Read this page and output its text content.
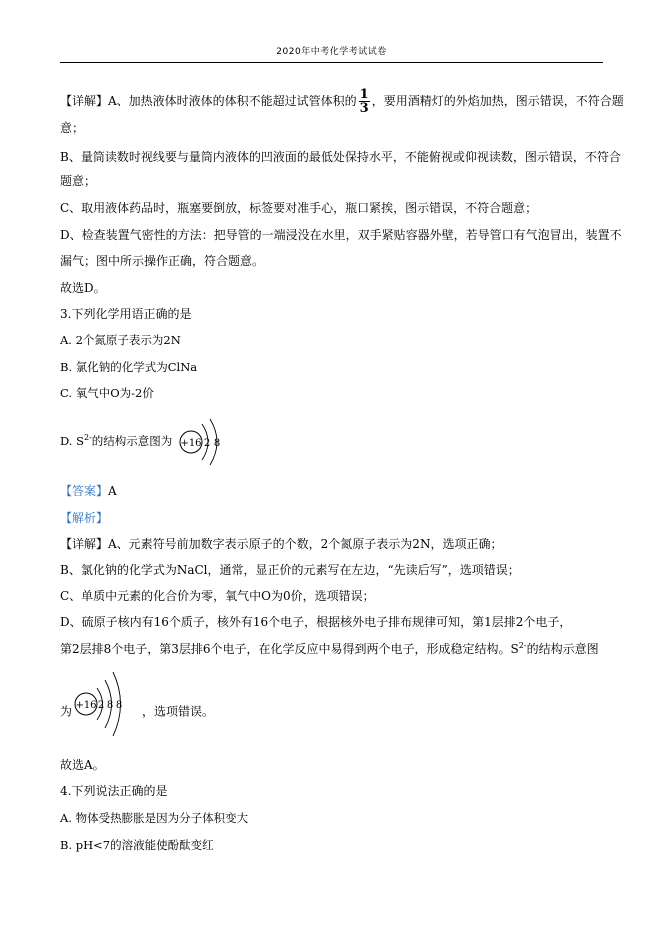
2020年中考化学考试试卷
【详解】A、加热液体时液体的体积不能超过试管体积的 $\frac{1}{3}$ ，要用酒精灯的外焰加热，图示错误，不符合题
意；
B、量筒读数时视线要与量筒内液体的凹液面的最低处保持水平，不能俯视或仰视读数，图示错误，不符合
题意；
C、取用液体药品时，瓶塞要倒放，标签要对准手心，瓶口紧挨，图示错误，不符合题意；
D、检查装置气密性的方法：把导管的一端浸没在水里，双手紧贴容器外壁，若导管口有气泡冒出，装置不
漏气；图中所示操作正确，符合题意。
故选D。
3.下列化学用语正确的是
A. 2个氮原子表示为2N
B. 氯化钠的化学式为ClNa
C. 氧气中O为-2价
D. $S^{2-}$的结构示意图为 +16 2 8
【答案】A
【解析】
【详解】A、元素符号前加数字表示原子的个数，2个氮原子表示为2N，选项正确；
B、氯化钠的化学式为NaCl，通常，显正价的元素写在左边，“先读后写”，选项错误；
C、单质中元素的化合价为零，氧气中O为0价，选项错误；
D、硫原子核内有16个质子，核外有16个电子，根据核外电子排布规律可知，第1层排2个电子，
第2层排8个电子，第3层排6个电子，在化学反应中易得到两个电子，形成稳定结构。$S^{2-}$的结构示意图
为 +16 2 8 8 ，选项错误。
故选A。
4.下列说法正确的是
A. 物体受热膨胀是因为分子体积变大
B. pH<7的溶液能使酚酞变红
